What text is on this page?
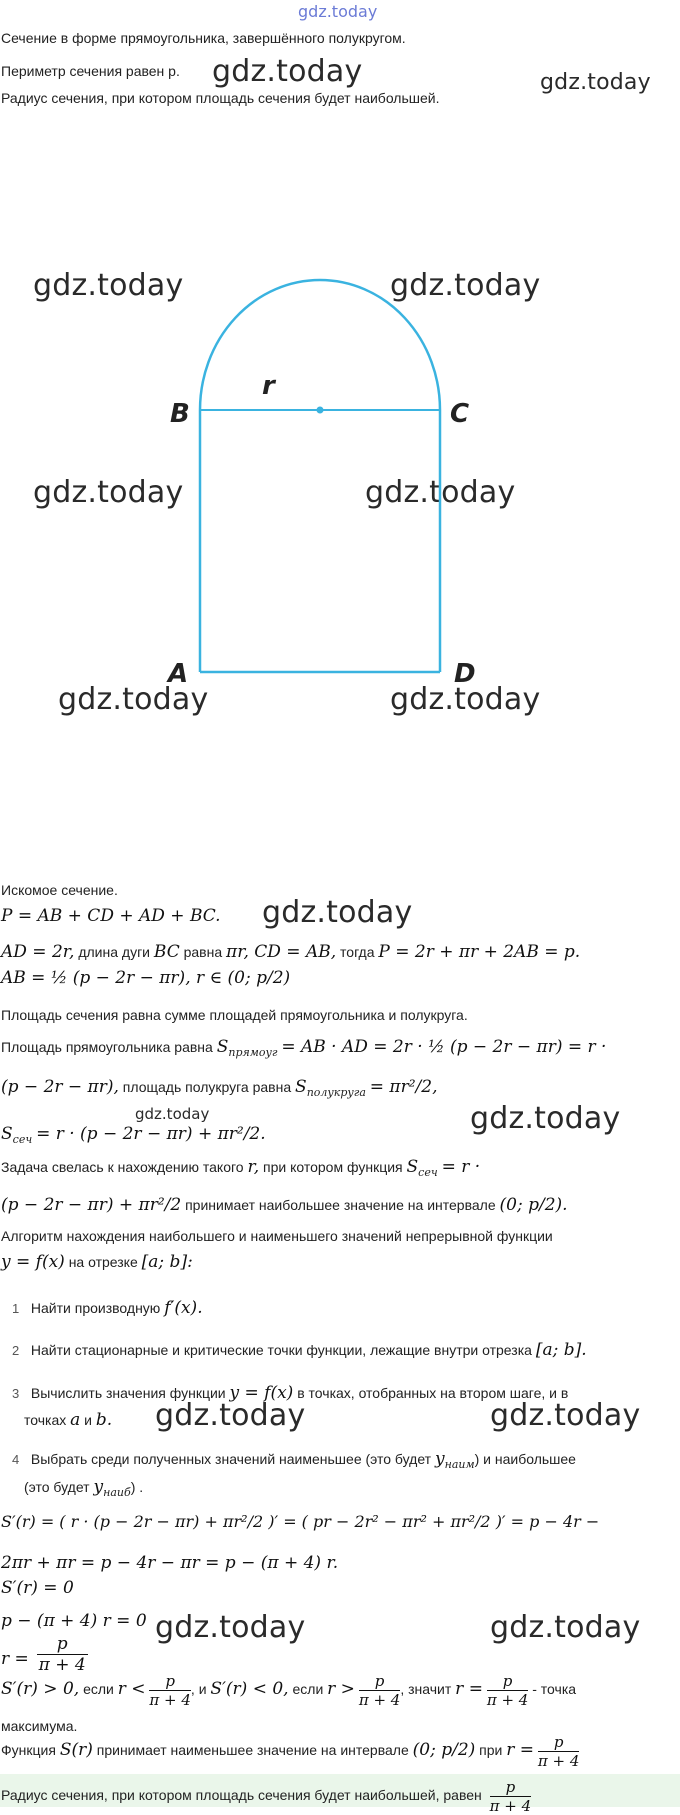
gdz.today
gdz.today	gdz.today
gdz.today	gdz.today
gdz.today	gdz.today
gdz.today	gdz.today
gdz.today
gdz.today
gdz.today
gdz.today	gdz.today
gdz.today	gdz.today
Сечение в форме прямоугольника, завершённого полукругом.
Периметр сечения равен p.
Радиус сечения, при котором площадь сечения будет наибольшей.
B	C
A	D
r
Искомое сечение.
P = AB + CD + AD + BC.
AD = 2r, длина дуги BC равна πr, CD = AB, тогда P = 2r + πr + 2AB = p.
AB = ½ (p − 2r − πr), r ∈ (0; p/2)
Площадь сечения равна сумме площадей прямоугольника и полукруга.
Площадь прямоугольника равна $S_{прямоуг}$ = AB · AD = 2r · ½ (p − 2r − πr) = r ·
(p − 2r − πr), площадь полукруга равна $S_{полукруга} = \pi r^2/2$,
$S_{сеч} = r \cdot (p - 2r - \pi r) + \pi r^2/2$.
Задача свелась к нахождению такого r, при котором функция $S_{сеч} = r$ ·
(p − 2r − πr) + πr²/2 принимает наибольшее значение на интервале (0; p/2).
Алгоритм нахождения наибольшего и наименьшего значений непрерывной функции
y = f(x) на отрезке [a; b]:
1 Найти производную f′(x).
2 Найти стационарные и критические точки функции, лежащие внутри отрезка [a; b].
3 Вычислить значения функции y = f(x) в точках, отобранных на втором шаге, и в
точках a и b.
4 Выбрать среди полученных значений наименьшее (это будет $y_{наим}$) и наибольшее
(это будет $y_{наиб}$) .
S′(r) = ( r · (p − 2r − πr) + πr²/2 )′ = ( pr − 2r² − πr² + πr²/2 )′ = p − 4r −
2πr + πr = p − 4r − πr = p − (π + 4) r.
S′(r) = 0
p − (π + 4) r = 0
$r = \frac{p}{\pi + 4}$
S′(r) > 0, если $r < \frac{p}{\pi + 4}$ , и S′(r) < 0, если $r > \frac{p}{\pi + 4}$ , значит $r = \frac{p}{\pi + 4}$ - точка
максимума.
Функция S(r) принимает наименьшее значение на интервале (0; p/2) при $r = \frac{p}{\pi + 4}$
Радиус сечения, при котором площадь сечения будет наибольшей, равен $\frac{p}{\pi + 4}$
